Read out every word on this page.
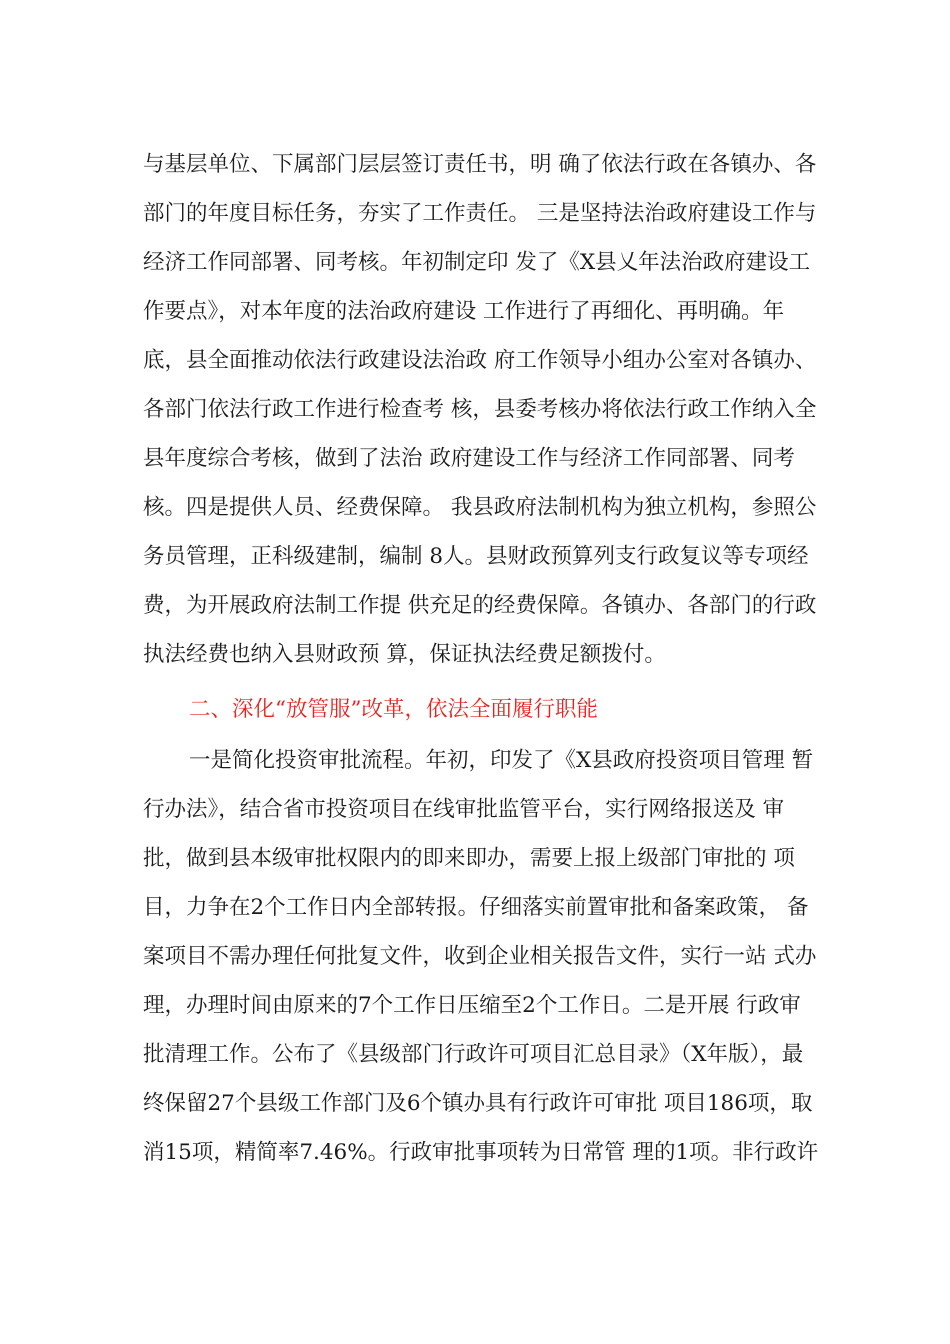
与基层单位、下属部门层层签订责任书，明 确了依法行政在各镇办、各
部门的年度目标任务，夯实了工作责任。 三是坚持法治政府建设工作与
经济工作同部署、同考核。年初制定印 发了《X县乂年法治政府建设工
作要点》，对本年度的法治政府建设 工作进行了再细化、再明确。年
底，县全面推动依法行政建设法治政 府工作领导小组办公室对各镇办、
各部门依法行政工作进行检查考 核，县委考核办将依法行政工作纳入全
县年度综合考核，做到了法治 政府建设工作与经济工作同部署、同考
核。四是提供人员、经费保障。 我县政府法制机构为独立机构，参照公
务员管理，正科级建制，编制 8人。县财政预算列支行政复议等专项经
费，为开展政府法制工作提 供充足的经费保障。各镇办、各部门的行政
执法经费也纳入县财政预 算，保证执法经费足额拨付。
二、深化“放管服”改革，依法全面履行职能
一是简化投资审批流程。年初，印发了《X县政府投资项目管理 暂
行办法》，结合省市投资项目在线审批监管平台，实行网络报送及 审
批，做到县本级审批权限内的即来即办，需要上报上级部门审批的 项
目，力争在2个工作日内全部转报。仔细落实前置审批和备案政策， 备
案项目不需办理任何批复文件，收到企业相关报告文件，实行一站 式办
理，办理时间由原来的7个工作日压缩至2个工作日。二是开展 行政审
批清理工作。公布了《县级部门行政许可项目汇总目录》（X年版），最
终保留27个县级工作部门及6个镇办具有行政许可审批 项目186项，取
消15项，精简率7.46%。行政审批事项转为日常管 理的1项。非行政许
